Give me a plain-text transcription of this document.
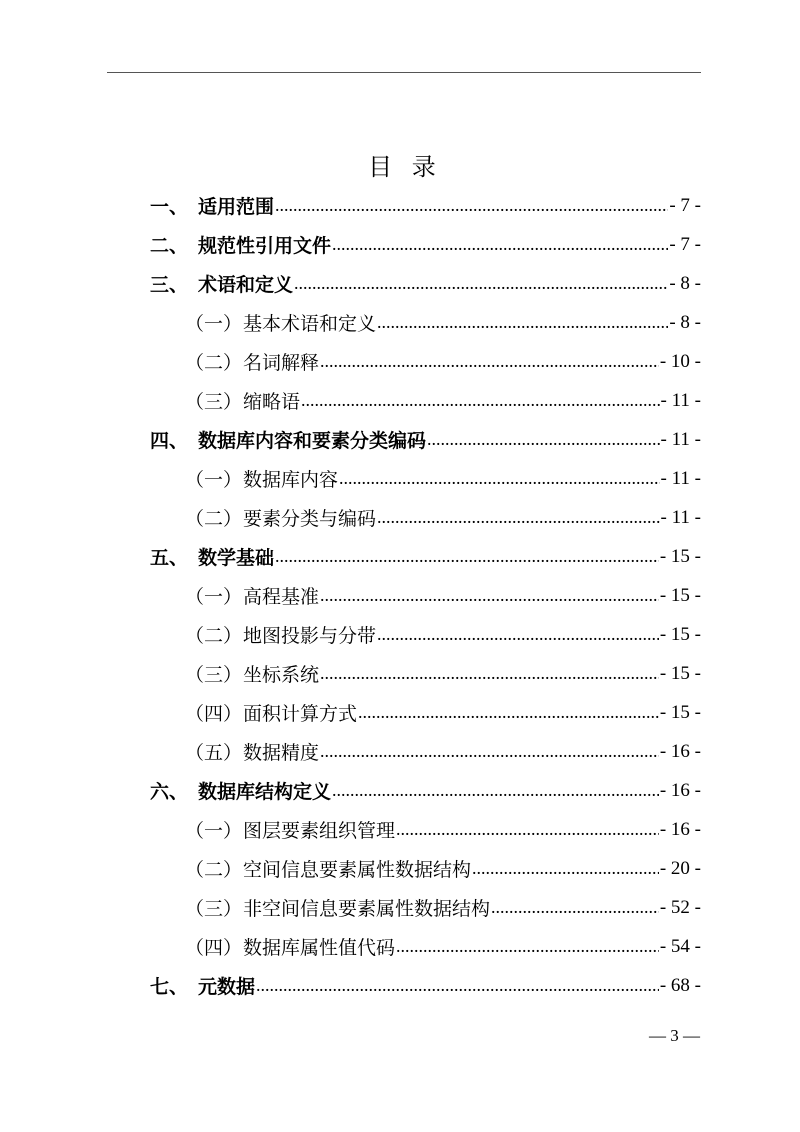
目 录
一、 适用范围 .....	- 7 -
二、 规范性引用文件 .....	- 7 -
三、 术语和定义 .....	- 8 -
（一） 基本术语和定义 .....	- 8 -
（二） 名词解释 .....	- 10 -
（三） 缩略语 .....	- 11 -
四、 数据库内容和要素分类编码 .....	- 11 -
（一） 数据库内容 .....	- 11 -
（二） 要素分类与编码 .....	- 11 -
五、 数学基础 .....	- 15 -
（一） 高程基准 .....	- 15 -
（二） 地图投影与分带 .....	- 15 -
（三） 坐标系统 .....	- 15 -
（四） 面积计算方式 .....	- 15 -
（五） 数据精度 .....	- 16 -
六、 数据库结构定义 .....	- 16 -
（一） 图层要素组织管理 .....	- 16 -
（二） 空间信息要素属性数据结构 .....	- 20 -
（三） 非空间信息要素属性数据结构 .....	- 52 -
（四） 数据库属性值代码 .....	- 54 -
七、 元数据 .....	- 68 -
— 3 —
